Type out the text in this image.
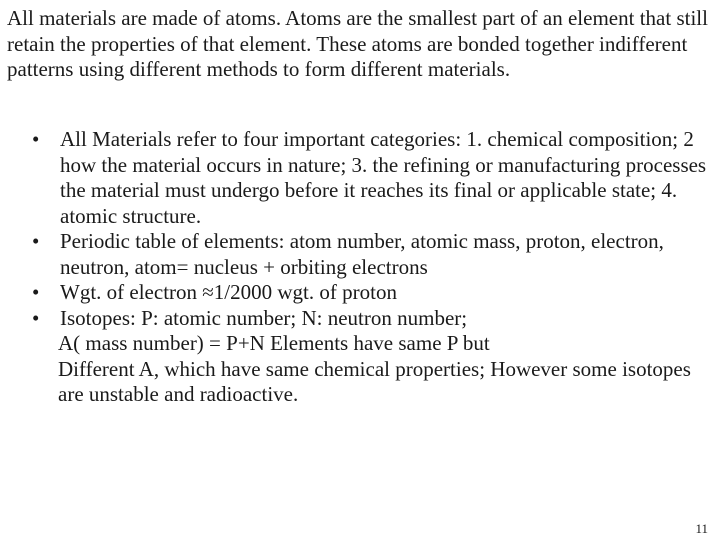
All materials are made of atoms. Atoms are the smallest part of an element that still retain the properties of that element. These atoms are bonded together indifferent patterns using different methods to form different materials.

• All Materials refer to four important categories: 1. chemical composition; 2 how the material occurs in nature; 3. the refining or manufacturing processes the material must undergo before it reaches its final or applicable state; 4. atomic structure.
• Periodic table of elements: atom number, atomic mass, proton, electron, neutron, atom= nucleus + orbiting electrons
• Wgt. of electron ≈1/2000 wgt. of proton
• Isotopes: P: atomic number; N: neutron number;
A( mass number) = P+N Elements have same P but
Different A, which have same chemical properties; However some isotopes are unstable and radioactive.
11
